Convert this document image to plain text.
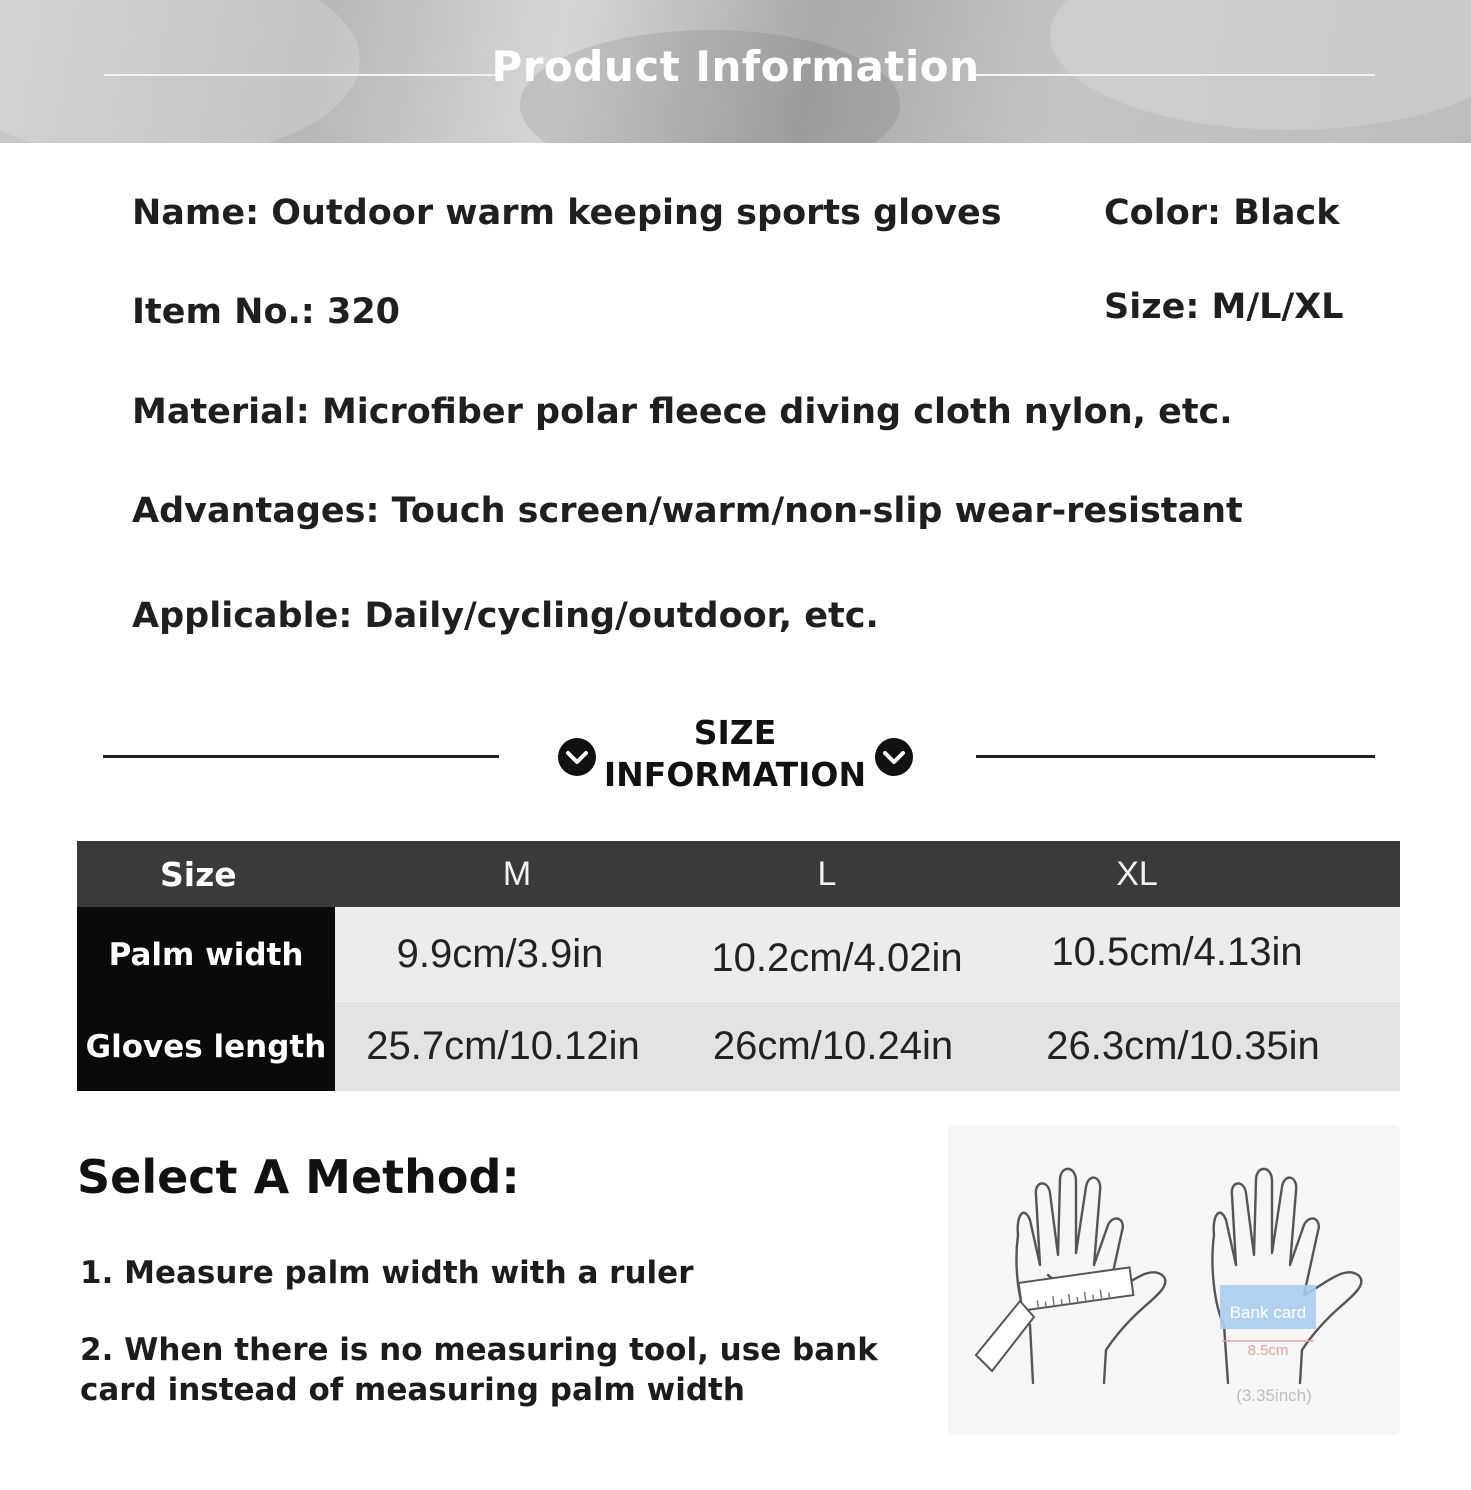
Product Information
Name: Outdoor warm keeping sports gloves	Color: Black
Item No.: 320	Size: M/L/XL
Material: Microfiber polar fleece diving cloth nylon, etc.
Advantages: Touch screen/warm/non-slip wear-resistant
Applicable: Daily/cycling/outdoor, etc.
SIZE
INFORMATION
Size	M	L	XL
Palm width	9.9cm/3.9in	10.2cm/4.02in	10.5cm/4.13in
Gloves length 25.7cm/10.12in	26cm/10.24in	26.3cm/10.35in
Select A Method:
1. Measure palm width with a ruler
2. When there is no measuring tool, use bank
card instead of measuring palm width
Bank card
8.5cm
(3.35inch)
